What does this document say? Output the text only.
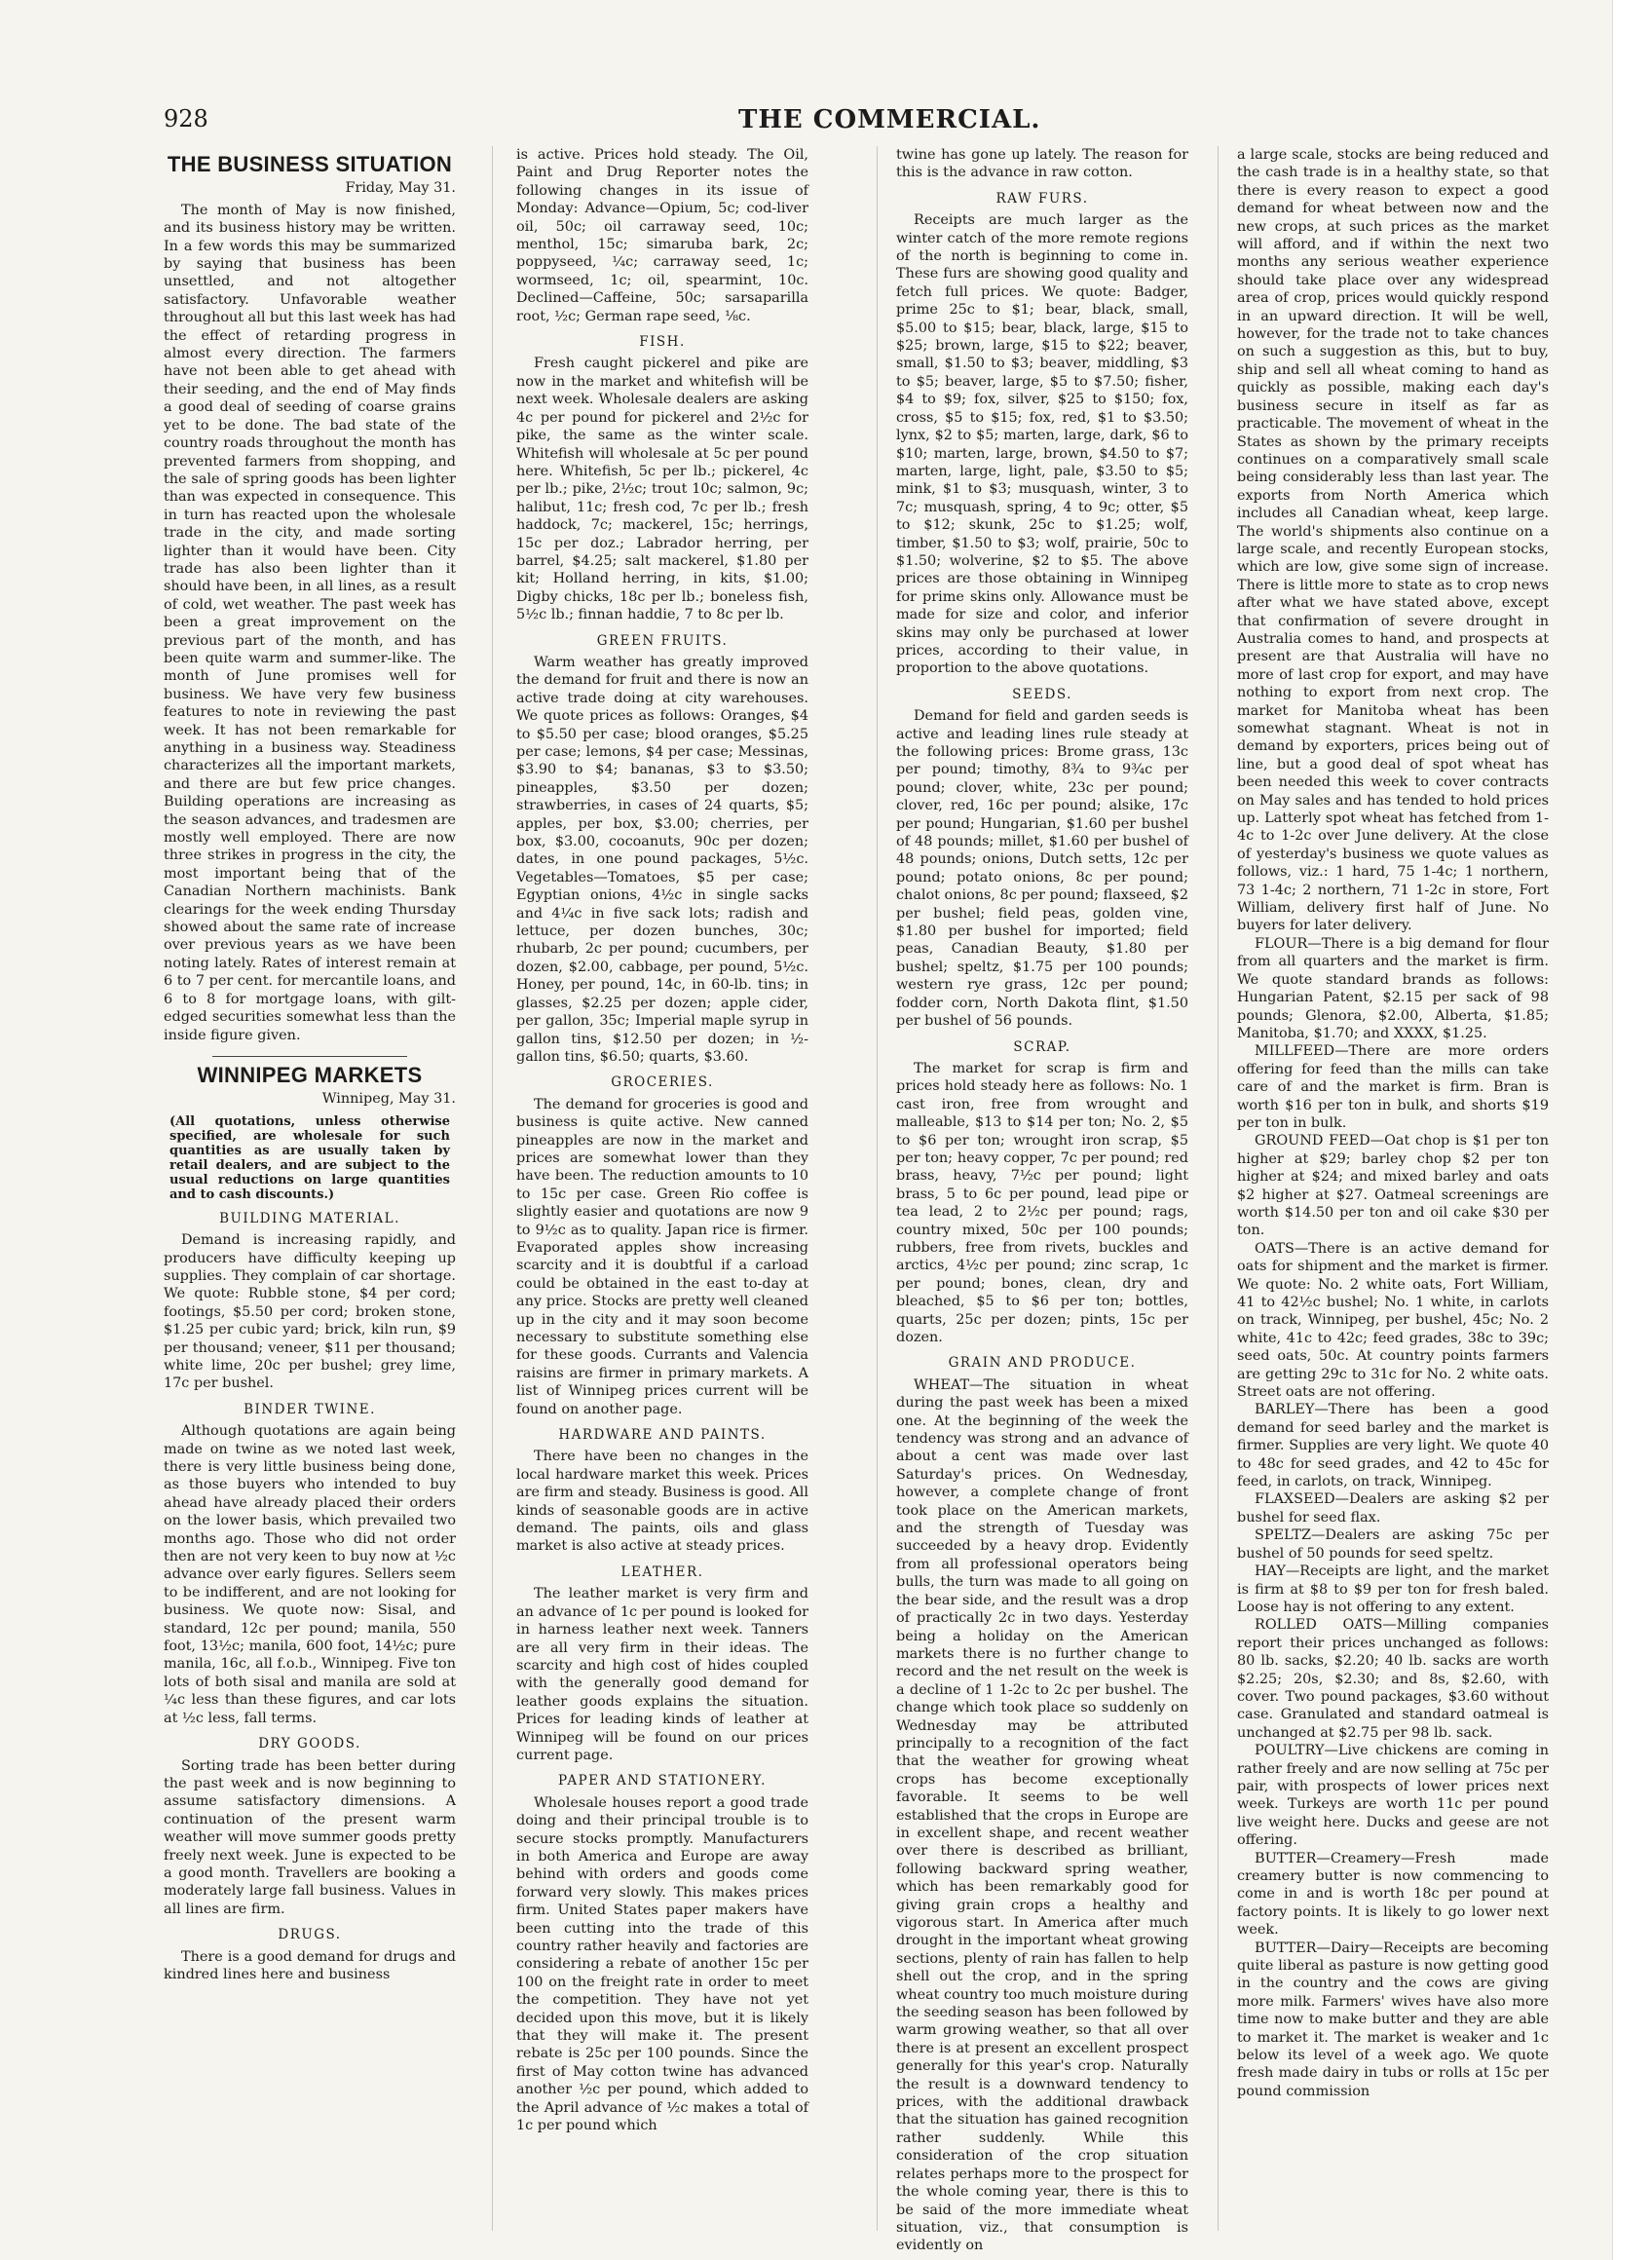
928	THE COMMERCIAL.
THE BUSINESS SITUATION
Friday, May 31.

The month of May is now finished, and its business history may be written. In a few words this may be summarized by saying that business has been unsettled, and not altogether satisfactory. Unfavorable weather throughout all but this last week has had the effect of retarding progress in almost every direction. The farmers have not been able to get ahead with their seeding, and the end of May finds a good deal of seeding of coarse grains yet to be done. The bad state of the country roads throughout the month has prevented farmers from shopping, and the sale of spring goods has been lighter than was expected in consequence. This in turn has reacted upon the wholesale trade in the city, and made sorting lighter than it would have been. City trade has also been lighter than it should have been, in all lines, as a result of cold, wet weather. The past week has been a great improvement on the previous part of the month, and has been quite warm and summer-like. The month of June promises well for business. We have very few business features to note in reviewing the past week. It has not been remarkable for anything in a business way. Steadiness characterizes all the important markets, and there are but few price changes. Building operations are increasing as the season advances, and tradesmen are mostly well employed. There are now three strikes in progress in the city, the most important being that of the Canadian Northern machinists. Bank clearings for the week ending Thursday showed about the same rate of increase over previous years as we have been noting lately. Rates of interest remain at 6 to 7 per cent. for mercantile loans, and 6 to 8 for mortgage loans, with gilt-edged securities somewhat less than the inside figure given.

WINNIPEG MARKETS
Winnipeg, May 31.
(All quotations, unless otherwise specified, are wholesale for such quantities as are usually taken by retail dealers, and are subject to the usual reductions on large quantities and to cash discounts.)
BUILDING MATERIAL.

Demand is increasing rapidly, and producers have difficulty keeping up supplies. They complain of car shortage. We quote: Rubble stone, $4 per cord; footings, $5.50 per cord; broken stone, $1.25 per cubic yard; brick, kiln run, $9 per thousand; veneer, $11 per thousand; white lime, 20c per bushel; grey lime, 17c per bushel.

BINDER TWINE.

Although quotations are again being made on twine as we noted last week, there is very little business being done, as those buyers who intended to buy ahead have already placed their orders on the lower basis, which prevailed two months ago. Those who did not order then are not very keen to buy now at ½c advance over early figures. Sellers seem to be indifferent, and are not looking for business. We quote now: Sisal, and standard, 12c per pound; manila, 550 foot, 13½c; manila, 600 foot, 14½c; pure manila, 16c, all f.o.b., Winnipeg. Five ton lots of both sisal and manila are sold at ¼c less than these figures, and car lots at ½c less, fall terms.

DRY GOODS.

Sorting trade has been better during the past week and is now beginning to assume satisfactory dimensions. A continuation of the present warm weather will move summer goods pretty freely next week. June is expected to be a good month. Travellers are booking a moderately large fall business. Values in all lines are firm.

DRUGS.

There is a good demand for drugs and kindred lines here and business

is active. Prices hold steady. The Oil, Paint and Drug Reporter notes the following changes in its issue of Monday: Advance—Opium, 5c; cod-liver oil, 50c; oil carraway seed, 10c; menthol, 15c; simaruba bark, 2c; poppyseed, ¼c; carraway seed, 1c; wormseed, 1c; oil, spearmint, 10c. Declined—Caffeine, 50c; sarsaparilla root, ½c; German rape seed, ⅛c.

FISH.

Fresh caught pickerel and pike are now in the market and whitefish will be next week. Wholesale dealers are asking 4c per pound for pickerel and 2½c for pike, the same as the winter scale. Whitefish will wholesale at 5c per pound here. Whitefish, 5c per lb.; pickerel, 4c per lb.; pike, 2½c; trout 10c; salmon, 9c; halibut, 11c; fresh cod, 7c per lb.; fresh haddock, 7c; mackerel, 15c; herrings, 15c per doz.; Labrador herring, per barrel, $4.25; salt mackerel, $1.80 per kit; Holland herring, in kits, $1.00; Digby chicks, 18c per lb.; boneless fish, 5½c lb.; finnan haddie, 7 to 8c per lb.

GREEN FRUITS.

Warm weather has greatly improved the demand for fruit and there is now an active trade doing at city warehouses. We quote prices as follows: Oranges, $4 to $5.50 per case; blood oranges, $5.25 per case; lemons, $4 per case; Messinas, $3.90 to $4; bananas, $3 to $3.50; pineapples, $3.50 per dozen; strawberries, in cases of 24 quarts, $5; apples, per box, $3.00; cherries, per box, $3.00, cocoanuts, 90c per dozen; dates, in one pound packages, 5½c. Vegetables—Tomatoes, $5 per case; Egyptian onions, 4½c in single sacks and 4¼c in five sack lots; radish and lettuce, per dozen bunches, 30c; rhubarb, 2c per pound; cucumbers, per dozen, $2.00, cabbage, per pound, 5½c. Honey, per pound, 14c, in 60-lb. tins; in glasses, $2.25 per dozen; apple cider, per gallon, 35c; Imperial maple syrup in gallon tins, $12.50 per dozen; in ½-gallon tins, $6.50; quarts, $3.60.

GROCERIES.

The demand for groceries is good and business is quite active. New canned pineapples are now in the market and prices are somewhat lower than they have been. The reduction amounts to 10 to 15c per case. Green Rio coffee is slightly easier and quotations are now 9 to 9½c as to quality. Japan rice is firmer. Evaporated apples show increasing scarcity and it is doubtful if a carload could be obtained in the east to-day at any price. Stocks are pretty well cleaned up in the city and it may soon become necessary to substitute something else for these goods. Currants and Valencia raisins are firmer in primary markets. A list of Winnipeg prices current will be found on another page.

HARDWARE AND PAINTS.

There have been no changes in the local hardware market this week. Prices are firm and steady. Business is good. All kinds of seasonable goods are in active demand. The paints, oils and glass market is also active at steady prices.

LEATHER.

The leather market is very firm and an advance of 1c per pound is looked for in harness leather next week. Tanners are all very firm in their ideas. The scarcity and high cost of hides coupled with the generally good demand for leather goods explains the situation. Prices for leading kinds of leather at Winnipeg will be found on our prices current page.

PAPER AND STATIONERY.

Wholesale houses report a good trade doing and their principal trouble is to secure stocks promptly. Manufacturers in both America and Europe are away behind with orders and goods come forward very slowly. This makes prices firm. United States paper makers have been cutting into the trade of this country rather heavily and factories are considering a rebate of another 15c per 100 on the freight rate in order to meet the competition. They have not yet decided upon this move, but it is likely that they will make it. The present rebate is 25c per 100 pounds. Since the first of May cotton twine has advanced another ½c per pound, which added to the April advance of ½c makes a total of 1c per pound which

twine has gone up lately. The reason for this is the advance in raw cotton.

RAW FURS.

Receipts are much larger as the winter catch of the more remote regions of the north is beginning to come in. These furs are showing good quality and fetch full prices. We quote: Badger, prime 25c to $1; bear, black, small, $5.00 to $15; bear, black, large, $15 to $25; brown, large, $15 to $22; beaver, small, $1.50 to $3; beaver, middling, $3 to $5; beaver, large, $5 to $7.50; fisher, $4 to $9; fox, silver, $25 to $150; fox, cross, $5 to $15; fox, red, $1 to $3.50; lynx, $2 to $5; marten, large, dark, $6 to $10; marten, large, brown, $4.50 to $7; marten, large, light, pale, $3.50 to $5; mink, $1 to $3; musquash, winter, 3 to 7c; musquash, spring, 4 to 9c; otter, $5 to $12; skunk, 25c to $1.25; wolf, timber, $1.50 to $3; wolf, prairie, 50c to $1.50; wolverine, $2 to $5. The above prices are those obtaining in Winnipeg for prime skins only. Allowance must be made for size and color, and inferior skins may only be purchased at lower prices, according to their value, in proportion to the above quotations.

SEEDS.

Demand for field and garden seeds is active and leading lines rule steady at the following prices: Brome grass, 13c per pound; timothy, 8¾ to 9¾c per pound; clover, white, 23c per pound; clover, red, 16c per pound; alsike, 17c per pound; Hungarian, $1.60 per bushel of 48 pounds; millet, $1.60 per bushel of 48 pounds; onions, Dutch setts, 12c per pound; potato onions, 8c per pound; chalot onions, 8c per pound; flaxseed, $2 per bushel; field peas, golden vine, $1.80 per bushel for imported; field peas, Canadian Beauty, $1.80 per bushel; speltz, $1.75 per 100 pounds; western rye grass, 12c per pound; fodder corn, North Dakota flint, $1.50 per bushel of 56 pounds.

SCRAP.

The market for scrap is firm and prices hold steady here as follows: No. 1 cast iron, free from wrought and malleable, $13 to $14 per ton; No. 2, $5 to $6 per ton; wrought iron scrap, $5 per ton; heavy copper, 7c per pound; red brass, heavy, 7½c per pound; light brass, 5 to 6c per pound, lead pipe or tea lead, 2 to 2½c per pound; rags, country mixed, 50c per 100 pounds; rubbers, free from rivets, buckles and arctics, 4½c per pound; zinc scrap, 1c per pound; bones, clean, dry and bleached, $5 to $6 per ton; bottles, quarts, 25c per dozen; pints, 15c per dozen.

GRAIN AND PRODUCE.

WHEAT—The situation in wheat during the past week has been a mixed one. At the beginning of the week the tendency was strong and an advance of about a cent was made over last Saturday's prices. On Wednesday, however, a complete change of front took place on the American markets, and the strength of Tuesday was succeeded by a heavy drop. Evidently from all professional operators being bulls, the turn was made to all going on the bear side, and the result was a drop of practically 2c in two days. Yesterday being a holiday on the American markets there is no further change to record and the net result on the week is a decline of 1 1-2c to 2c per bushel. The change which took place so suddenly on Wednesday may be attributed principally to a recognition of the fact that the weather for growing wheat crops has become exceptionally favorable. It seems to be well established that the crops in Europe are in excellent shape, and recent weather over there is described as brilliant, following backward spring weather, which has been remarkably good for giving grain crops a healthy and vigorous start. In America after much drought in the important wheat growing sections, plenty of rain has fallen to help shell out the crop, and in the spring wheat country too much moisture during the seeding season has been followed by warm growing weather, so that all over there is at present an excellent prospect generally for this year's crop. Naturally the result is a downward tendency to prices, with the additional drawback that the situation has gained recognition rather suddenly. While this consideration of the crop situation relates perhaps more to the prospect for the whole coming year, there is this to be said of the more immediate wheat situation, viz., that consumption is evidently on

a large scale, stocks are being reduced and the cash trade is in a healthy state, so that there is every reason to expect a good demand for wheat between now and the new crops, at such prices as the market will afford, and if within the next two months any serious weather experience should take place over any widespread area of crop, prices would quickly respond in an upward direction. It will be well, however, for the trade not to take chances on such a suggestion as this, but to buy, ship and sell all wheat coming to hand as quickly as possible, making each day's business secure in itself as far as practicable. The movement of wheat in the States as shown by the primary receipts continues on a comparatively small scale being considerably less than last year. The exports from North America which includes all Canadian wheat, keep large. The world's shipments also continue on a large scale, and recently European stocks, which are low, give some sign of increase. There is little more to state as to crop news after what we have stated above, except that confirmation of severe drought in Australia comes to hand, and prospects at present are that Australia will have no more of last crop for export, and may have nothing to export from next crop. The market for Manitoba wheat has been somewhat stagnant. Wheat is not in demand by exporters, prices being out of line, but a good deal of spot wheat has been needed this week to cover contracts on May sales and has tended to hold prices up. Latterly spot wheat has fetched from 1-4c to 1-2c over June delivery. At the close of yesterday's business we quote values as follows, viz.: 1 hard, 75 1-4c; 1 northern, 73 1-4c; 2 northern, 71 1-2c in store, Fort William, delivery first half of June. No buyers for later delivery.

FLOUR—There is a big demand for flour from all quarters and the market is firm. We quote standard brands as follows: Hungarian Patent, $2.15 per sack of 98 pounds; Glenora, $2.00, Alberta, $1.85; Manitoba, $1.70; and XXXX, $1.25.

MILLFEED—There are more orders offering for feed than the mills can take care of and the market is firm. Bran is worth $16 per ton in bulk, and shorts $19 per ton in bulk.

GROUND FEED—Oat chop is $1 per ton higher at $29; barley chop $2 per ton higher at $24; and mixed barley and oats $2 higher at $27. Oatmeal screenings are worth $14.50 per ton and oil cake $30 per ton.

OATS—There is an active demand for oats for shipment and the market is firmer. We quote: No. 2 white oats, Fort William, 41 to 42½c bushel; No. 1 white, in carlots on track, Winnipeg, per bushel, 45c; No. 2 white, 41c to 42c; feed grades, 38c to 39c; seed oats, 50c. At country points farmers are getting 29c to 31c for No. 2 white oats. Street oats are not offering.

BARLEY—There has been a good demand for seed barley and the market is firmer. Supplies are very light. We quote 40 to 48c for seed grades, and 42 to 45c for feed, in carlots, on track, Winnipeg.

FLAXSEED—Dealers are asking $2 per bushel for seed flax.

SPELTZ—Dealers are asking 75c per bushel of 50 pounds for seed speltz.

HAY—Receipts are light, and the market is firm at $8 to $9 per ton for fresh baled. Loose hay is not offering to any extent.

ROLLED OATS—Milling companies report their prices unchanged as follows: 80 lb. sacks, $2.20; 40 lb. sacks are worth $2.25; 20s, $2.30; and 8s, $2.60, with cover. Two pound packages, $3.60 without case. Granulated and standard oatmeal is unchanged at $2.75 per 98 lb. sack.

POULTRY—Live chickens are coming in rather freely and are now selling at 75c per pair, with prospects of lower prices next week. Turkeys are worth 11c per pound live weight here. Ducks and geese are not offering.

BUTTER—Creamery—Fresh made creamery butter is now commencing to come in and is worth 18c per pound at factory points. It is likely to go lower next week.

BUTTER—Dairy—Receipts are becoming quite liberal as pasture is now getting good in the country and the cows are giving more milk. Farmers' wives have also more time now to make butter and they are able to market it. The market is weaker and 1c below its level of a week ago. We quote fresh made dairy in tubs or rolls at 15c per pound commission
